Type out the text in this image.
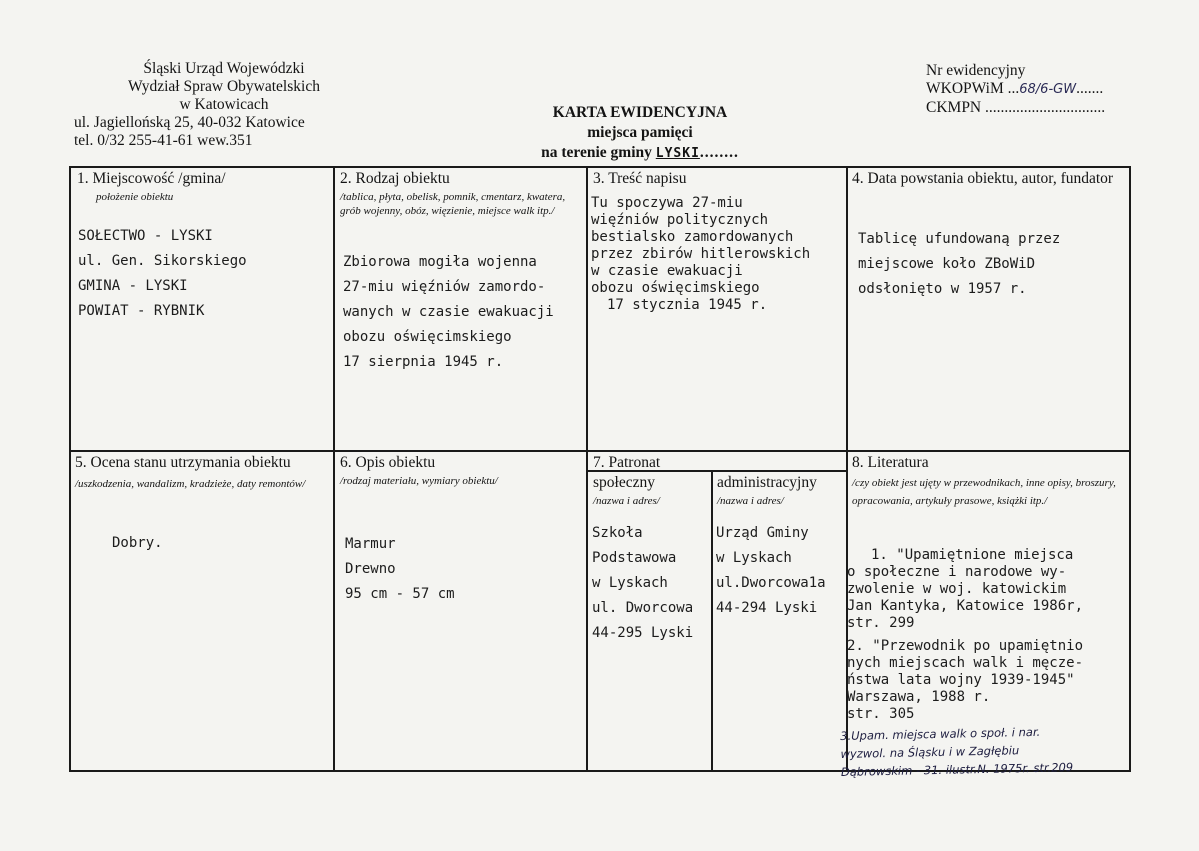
Śląski Urząd Wojewódzki
Wydział Spraw Obywatelskich
w Katowicach
ul. Jagiellońską 25, 40-032 Katowice
tel. 0/32 255-41-61 wew.351
KARTA EWIDENCYJNA
miejsca pamięci
na terenie gminy LYSKI........
Nr ewidencyjny
WKOPWiM ...68/6-GW.......
CKMPN ...............................
1. Miejscowość /gmina/
położenie obiektu
SOŁECTWO - LYSKI
ul. Gen. Sikorskiego
GMINA - LYSKI
POWIAT - RYBNIK
2. Rodzaj obiektu
/tablica, płyta, obelisk, pomnik, cmentarz, kwatera, grób wojenny, obóz, więzienie, miejsce walk itp./
Zbiorowa mogiła wojenna
27-miu więźniów zamordo-
wanych w czasie ewakuacji
obozu oświęcimskiego
17 sierpnia 1945 r.
3. Treść napisu
Tu spoczywa 27-miu
więźniów politycznych
bestialsko zamordowanych
przez zbirów hitlerowskich
w czasie ewakuacji
obozu oświęcimskiego
17 stycznia 1945 r.
4. Data powstania obiektu, autor, fundator
Tablicę ufundowaną przez
miejscowe koło ZBoWiD
odsłonięto w 1957 r.
5. Ocena stanu utrzymania obiektu
/uszkodzenia, wandalizm, kradzieże, daty remontów/
Dobry.
6. Opis obiektu
/rodzaj materiału, wymiary obiektu/
Marmur
Drewno
95 cm - 57 cm
7. Patronat
społeczny
/nazwa i adres/
Szkoła
Podstawowa
w Lyskach
ul. Dworcowa
44-295 Lyski
administracyjny
/nazwa i adres/
Urząd Gminy
w Lyskach
ul.Dworcowa1a
44-294 Lyski
8. Literatura
/czy obiekt jest ujęty w przewodnikach, inne opisy, broszury, opracowania, artykuły prasowe, książki itp./
1. "Upamiętnione miejsca
o społeczne i narodowe wy-
zwolenie w woj. katowickim
Jan Kantyka, Katowice 1986r,
str. 299
2. "Przewodnik po upamiętnio
nych miejscach walk i męcze-
ństwa lata wojny 1939-1945"
Warszawa, 1988 r.
str. 305
3.Upam. miejsca walk o społ. i nar.
wyzwol. na Śląsku i w Zagłębiu
Dąbrowskim - 31. ilustr.N. 1975r. str.209
